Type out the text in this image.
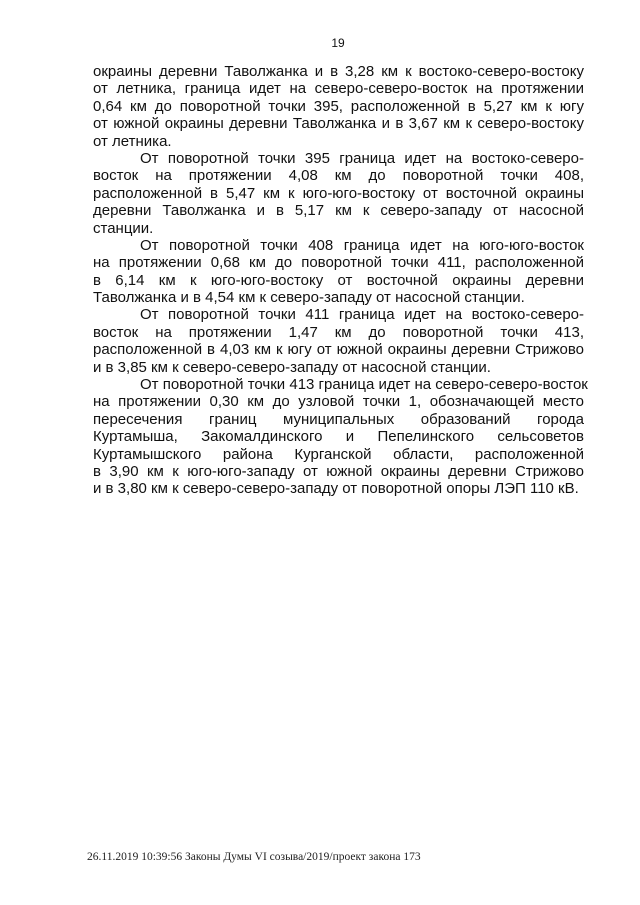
19
окраины деревни Таволжанка и в 3,28 км к востоко-северо-востоку
от летника, граница идет на северо-северо-восток на протяжении
0,64 км до поворотной точки 395, расположенной в 5,27 км к югу
от южной окраины деревни Таволжанка и в 3,67 км к северо-востоку
от летника.
От поворотной точки 395 граница идет на востоко-северо-
восток на протяжении 4,08 км до поворотной точки 408,
расположенной в 5,47 км к юго-юго-востоку от восточной окраины
деревни Таволжанка и в 5,17 км к северо-западу от насосной
станции.
От поворотной точки 408 граница идет на юго-юго-восток
на протяжении 0,68 км до поворотной точки 411, расположенной
в 6,14 км к юго-юго-востоку от восточной окраины деревни
Таволжанка и в 4,54 км к северо-западу от насосной станции.
От поворотной точки 411 граница идет на востоко-северо-
восток на протяжении 1,47 км до поворотной точки 413,
расположенной в 4,03 км к югу от южной окраины деревни Стрижово
и в 3,85 км к северо-северо-западу от насосной станции.
От поворотной точки 413 граница идет на северо-северо-восток
на протяжении 0,30 км до узловой точки 1, обозначающей место
пересечения границ муниципальных образований города
Куртамыша, Закомалдинского и Пепелинского сельсоветов
Куртамышского района Курганской области, расположенной
в 3,90 км к юго-юго-западу от южной окраины деревни Стрижово
и в 3,80 км к северо-северо-западу от поворотной опоры ЛЭП 110 кВ.
26.11.2019 10:39:56 Законы Думы VI созыва/2019/проект закона 173
